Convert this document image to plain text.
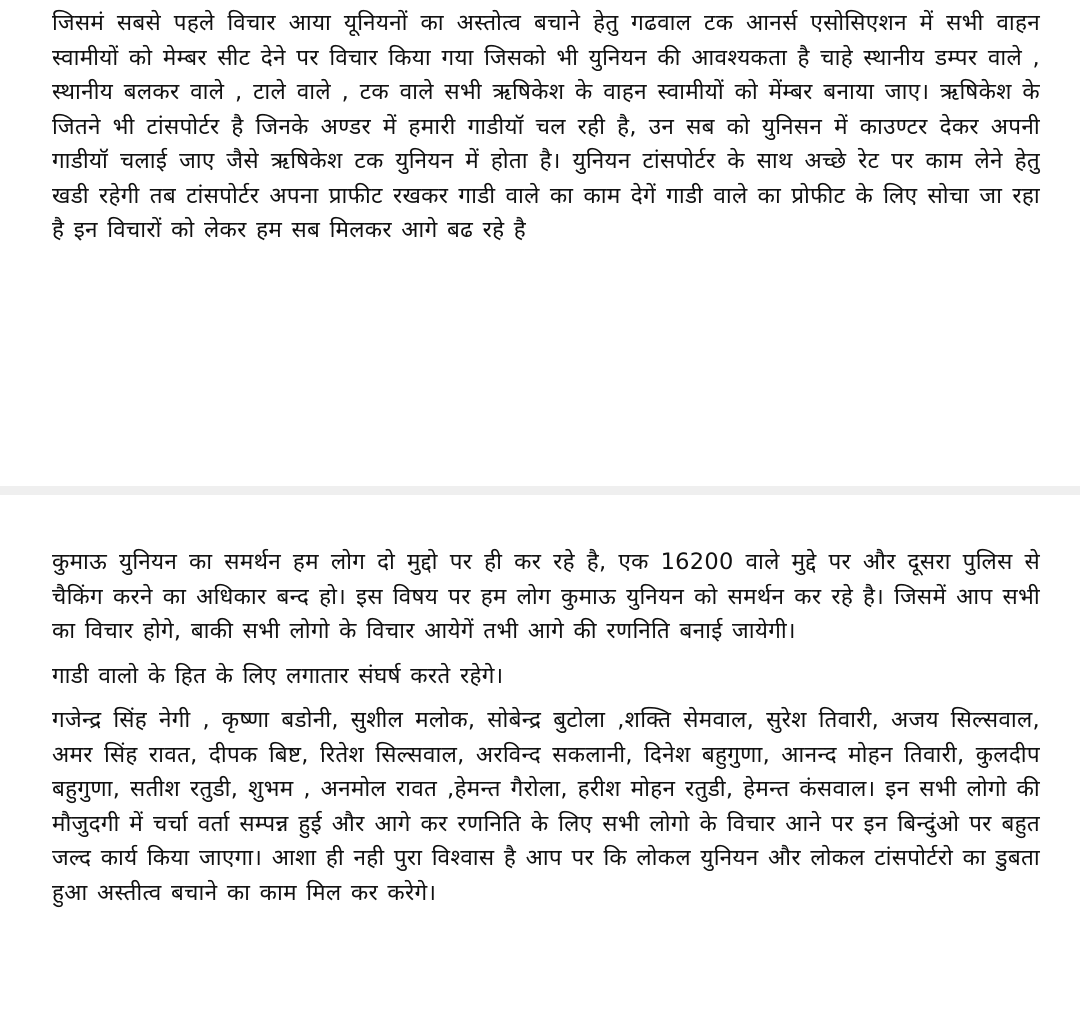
जिसमं सबसे पहले विचार आया यूनियनों का अस्तोत्व बचाने हेतु गढवाल टक आनर्स एसोसिएशन में सभी वाहन स्वामीयों को मेम्बर सीट देने पर विचार किया गया जिसको भी युनियन की आवश्यकता है चाहे स्थानीय डम्पर वाले , स्थानीय बलकर वाले , टाले वाले , टक वाले सभी ऋषिकेश के वाहन स्वामीयों को मेंम्बर बनाया जाए। ऋषिकेश के जितने भी टांसपोर्टर है जिनके अण्डर में हमारी गाडीयॉ चल रही है, उन सब को युनिसन में काउण्टर देकर अपनी गाडीयॉ चलाई जाए जैसे ऋषिकेश टक युनियन में होता है। युनियन टांसपोर्टर के साथ अच्छे रेट पर काम लेने हेतु खडी रहेगी तब टांसपोर्टर अपना प्राफीट रखकर गाडी वाले का काम देगें गाडी वाले का प्रोफीट के लिए सोचा जा रहा है इन विचारों को लेकर हम सब मिलकर आगे बढ रहे है

कुमाऊ युनियन का समर्थन हम लोग दो मुद्दो पर ही कर रहे है, एक 16200 वाले मुद्दे पर और दूसरा पुलिस से चैकिंग करने का अधिकार बन्द हो। इस विषय पर हम लोग कुमाऊ युनियन को समर्थन कर रहे है। जिसमें आप सभी का विचार होगे, बाकी सभी लोगो के विचार आयेगें तभी आगे की रणनिति बनाई जायेगी।

गाडी वालो के हित के लिए लगातार संघर्ष करते रहेगे।

गजेन्द्र सिंह नेगी , कृष्णा बडोनी, सुशील मलोक, सोबेन्द्र बुटोला ,शक्ति सेमवाल, सुरेश तिवारी, अजय सिल्सवाल, अमर सिंह रावत, दीपक बिष्ट, रितेश सिल्सवाल, अरविन्द सकलानी, दिनेश बहुगुणा, आनन्द मोहन तिवारी, कुलदीप बहुगुणा, सतीश रतुडी, शुभम , अनमोल रावत ,हेमन्त गैरोला, हरीश मोहन रतुडी, हेमन्त कंसवाल। इन सभी लोगो की मौजुदगी में चर्चा वर्ता सम्पन्न हुई और आगे कर रणनिति के लिए सभी लोगो के विचार आने पर इन बिन्दुंओ पर बहुत जल्द कार्य किया जाएगा। आशा ही नही पुरा विश्वास है आप पर कि लोकल युनियन और लोकल टांसपोर्टरो का डुबता हुआ अस्तीत्व बचाने का काम मिल कर करेगे।
